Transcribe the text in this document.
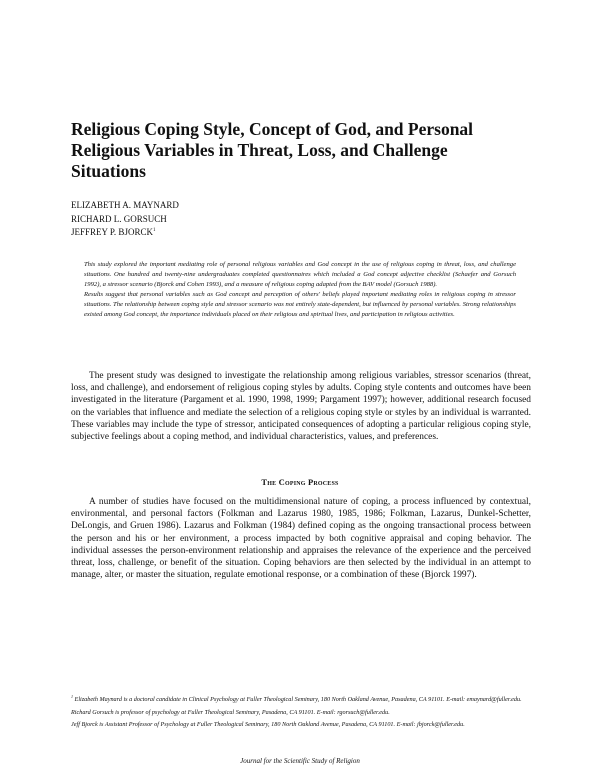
Religious Coping Style, Concept of God, and Personal Religious Variables in Threat, Loss, and Challenge Situations
ELIZABETH A. MAYNARD
RICHARD L. GORSUCH
JEFFREY P. BJORCK$^1$

This study explored the important mediating role of personal religious variables and God concept in the use of religious coping in threat, loss, and challenge situations. One hundred and twenty-nine undergraduates completed questionnaires which included a God concept adjective checklist (Schaefer and Gorsuch 1992), a stressor scenario (Bjorck and Cohen 1993), and a measure of religious coping adapted from the BAV model (Gorsuch 1988).

Results suggest that personal variables such as God concept and perception of others' beliefs played important mediating roles in religious coping in stressor situations. The relationship between coping style and stressor scenario was not entirely state-dependent, but influenced by personal variables. Strong relationships existed among God concept, the importance individuals placed on their religious and spiritual lives, and participation in religious activities.

The present study was designed to investigate the relationship among religious variables, stressor scenarios (threat, loss, and challenge), and endorsement of religious coping styles by adults. Coping style contents and outcomes have been investigated in the literature (Pargament et al. 1990, 1998, 1999; Pargament 1997); however, additional research focused on the variables that influence and mediate the selection of a religious coping style or styles by an individual is warranted. These variables may include the type of stressor, anticipated consequences of adopting a particular religious coping style, subjective feelings about a coping method, and individual characteristics, values, and preferences.

The Coping Process

A number of studies have focused on the multidimensional nature of coping, a process influenced by contextual, environmental, and personal factors (Folkman and Lazarus 1980, 1985, 1986; Folkman, Lazarus, Dunkel-Schetter, DeLongis, and Gruen 1986). Lazarus and Folkman (1984) defined coping as the ongoing transactional process between the person and his or her environment, a process impacted by both cognitive appraisal and coping behavior. The individual assesses the person-environment relationship and appraises the relevance of the experience and the perceived threat, loss, challenge, or benefit of the situation. Coping behaviors are then selected by the individual in an attempt to manage, alter, or master the situation, regulate emotional response, or a combination of these (Bjorck 1997).

$^1$ Elizabeth Maynard is a doctoral candidate in Clinical Psychology at Fuller Theological Seminary, 180 North Oakland Avenue, Pasadena, CA 91101. E-mail: emaynard@fuller.edu.

Richard Gorsuch is professor of psychology at Fuller Theological Seminary, Pasadena, CA 91101. E-mail: rgorsuch@fuller.edu.

Jeff Bjorck is Assistant Professor of Psychology at Fuller Theological Seminary, 180 North Oakland Avenue, Pasadena, CA 91101. E-mail: jbjorck@fuller.edu.

Journal for the Scientific Study of Religion
